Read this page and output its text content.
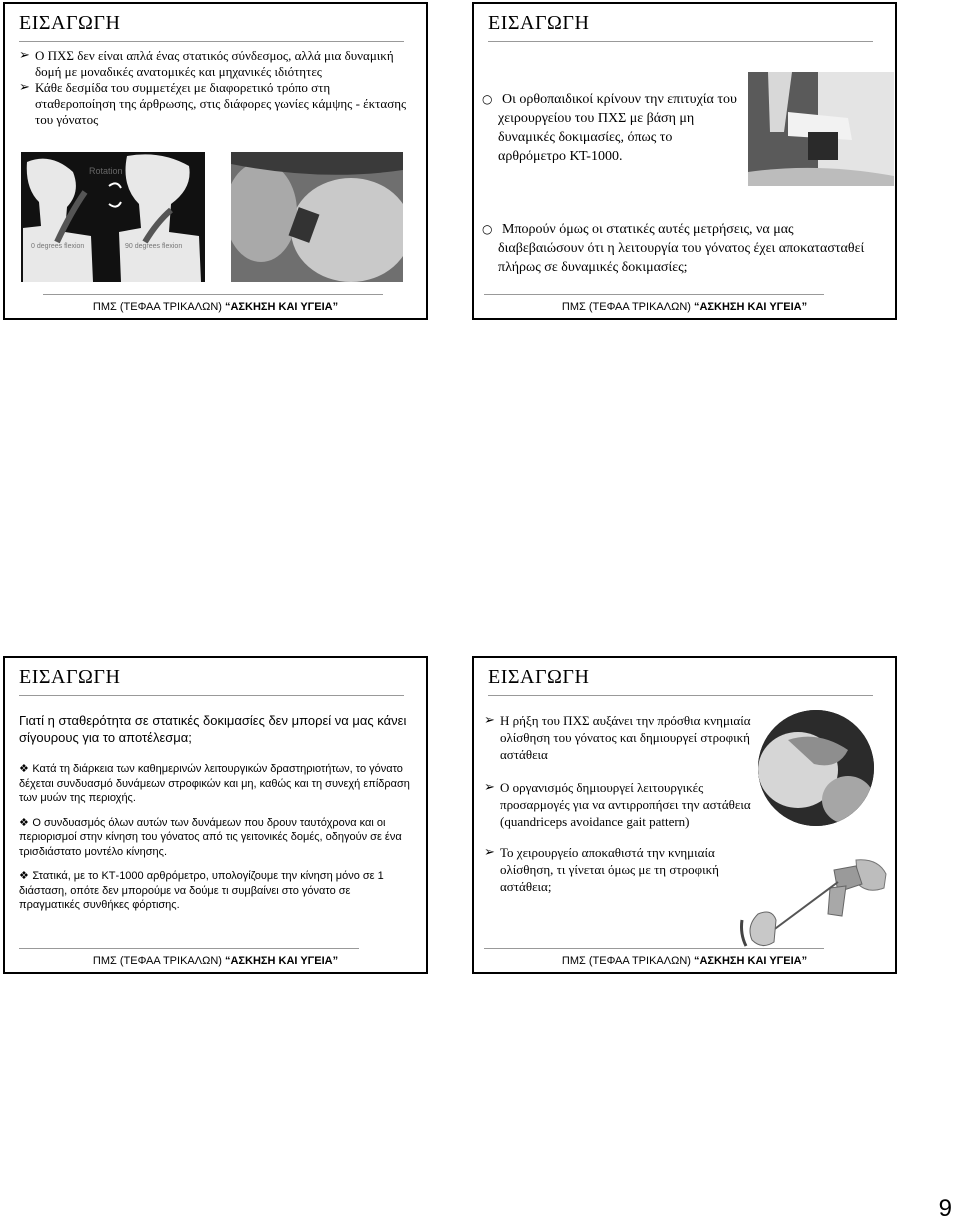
ΕΙΣΑΓΩΓΗ
➢ Ο ΠΧΣ δεν είναι απλά ένας στατικός σύνδεσμος, αλλά μια δυναμική δομή με μοναδικές ανατομικές και μηχανικές ιδιότητες
➢ Κάθε δεσμίδα του συμμετέχει με διαφορετικό τρόπο στη σταθεροποίηση της άρθρωσης, στις διάφορες γωνίες κάμψης - έκτασης του γόνατος
Rotation
0 degrees flexion	90 degrees flexion
ΠΜΣ (ΤΕΦΑΑ ΤΡΙΚΑΛΩΝ) “ΑΣΚΗΣΗ ΚΑΙ ΥΓΕΙΑ”
ΕΙΣΑΓΩΓΗ
○ Οι ορθοπαιδικοί κρίνουν την επιτυχία του χειρουργείου του ΠΧΣ με βάση μη δυναμικές δοκιμασίες, όπως το αρθρόμετρο ΚΤ-1000.
○ Μπορούν όμως οι στατικές αυτές μετρήσεις, να μας διαβεβαιώσουν ότι η λειτουργία του γόνατος έχει αποκατασταθεί πλήρως σε δυναμικές δοκιμασίες;
ΠΜΣ (ΤΕΦΑΑ ΤΡΙΚΑΛΩΝ) “ΑΣΚΗΣΗ ΚΑΙ ΥΓΕΙΑ”
ΕΙΣΑΓΩΓΗ
Γιατί η σταθερότητα σε στατικές δοκιμασίες δεν μπορεί να μας κάνει σίγουρους για το αποτέλεσμα;
❖ Κατά τη διάρκεια των καθημερινών λειτουργικών δραστηριοτήτων, το γόνατο δέχεται συνδυασμό δυνάμεων στροφικών και μη, καθώς και τη συνεχή επίδραση των μυών της περιοχής.
❖ Ο συνδυασμός όλων αυτών των δυνάμεων που δρουν ταυτόχρονα και οι περιορισμοί στην κίνηση του γόνατος από τις γειτονικές δομές, οδηγούν σε ένα τρισδιάστατο μοντέλο κίνησης.
❖ Στατικά, με το ΚΤ-1000 αρθρόμετρο, υπολογίζουμε την κίνηση μόνο σε 1 διάσταση, οπότε δεν μπορούμε να δούμε τι συμβαίνει στο γόνατο σε πραγματικές συνθήκες φόρτισης.
ΠΜΣ (ΤΕΦΑΑ ΤΡΙΚΑΛΩΝ) “ΑΣΚΗΣΗ ΚΑΙ ΥΓΕΙΑ”
ΕΙΣΑΓΩΓΗ
➢ Η ρήξη του ΠΧΣ αυξάνει την πρόσθια κνημιαία ολίσθηση του γόνατος και δημιουργεί στροφική αστάθεια
➢ Ο οργανισμός δημιουργεί λειτουργικές προσαρμογές για να αντιρροπήσει την αστάθεια (quandriceps avoidance gait pattern)
➢ Το χειρουργείο αποκαθιστά την κνημιαία ολίσθηση, τι γίνεται όμως με τη στροφική αστάθεια;
ΠΜΣ (ΤΕΦΑΑ ΤΡΙΚΑΛΩΝ) “ΑΣΚΗΣΗ ΚΑΙ ΥΓΕΙΑ”
9
